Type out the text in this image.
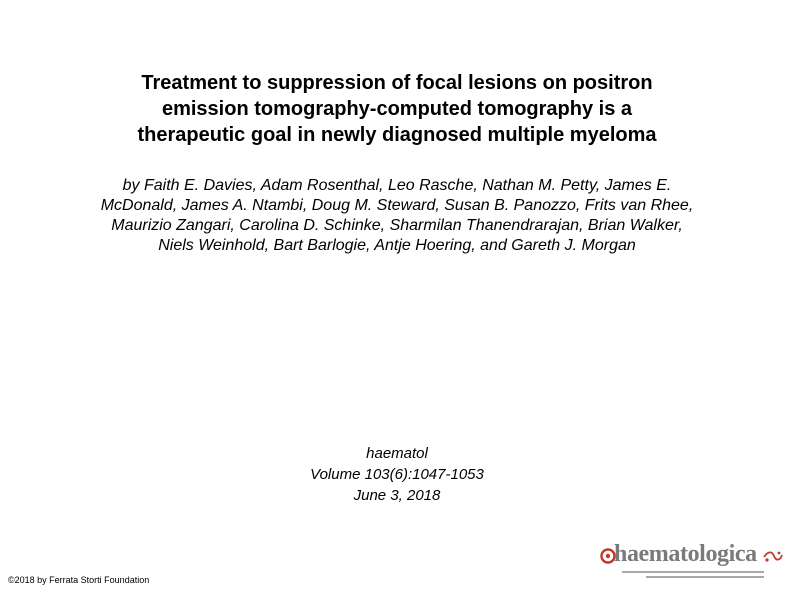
Treatment to suppression of focal lesions on positron
emission tomography-computed tomography is a
therapeutic goal in newly diagnosed multiple myeloma
by Faith E. Davies, Adam Rosenthal, Leo Rasche, Nathan M. Petty, James E.
McDonald, James A. Ntambi, Doug M. Steward, Susan B. Panozzo, Frits van Rhee,
Maurizio Zangari, Carolina D. Schinke, Sharmilan Thanendrarajan, Brian Walker,
Niels Weinhold, Bart Barlogie, Antje Hoering, and Gareth J. Morgan
haematol
Volume 103(6):1047-1053
June 3, 2018
©2018 by Ferrata Storti Foundation
haematologica
